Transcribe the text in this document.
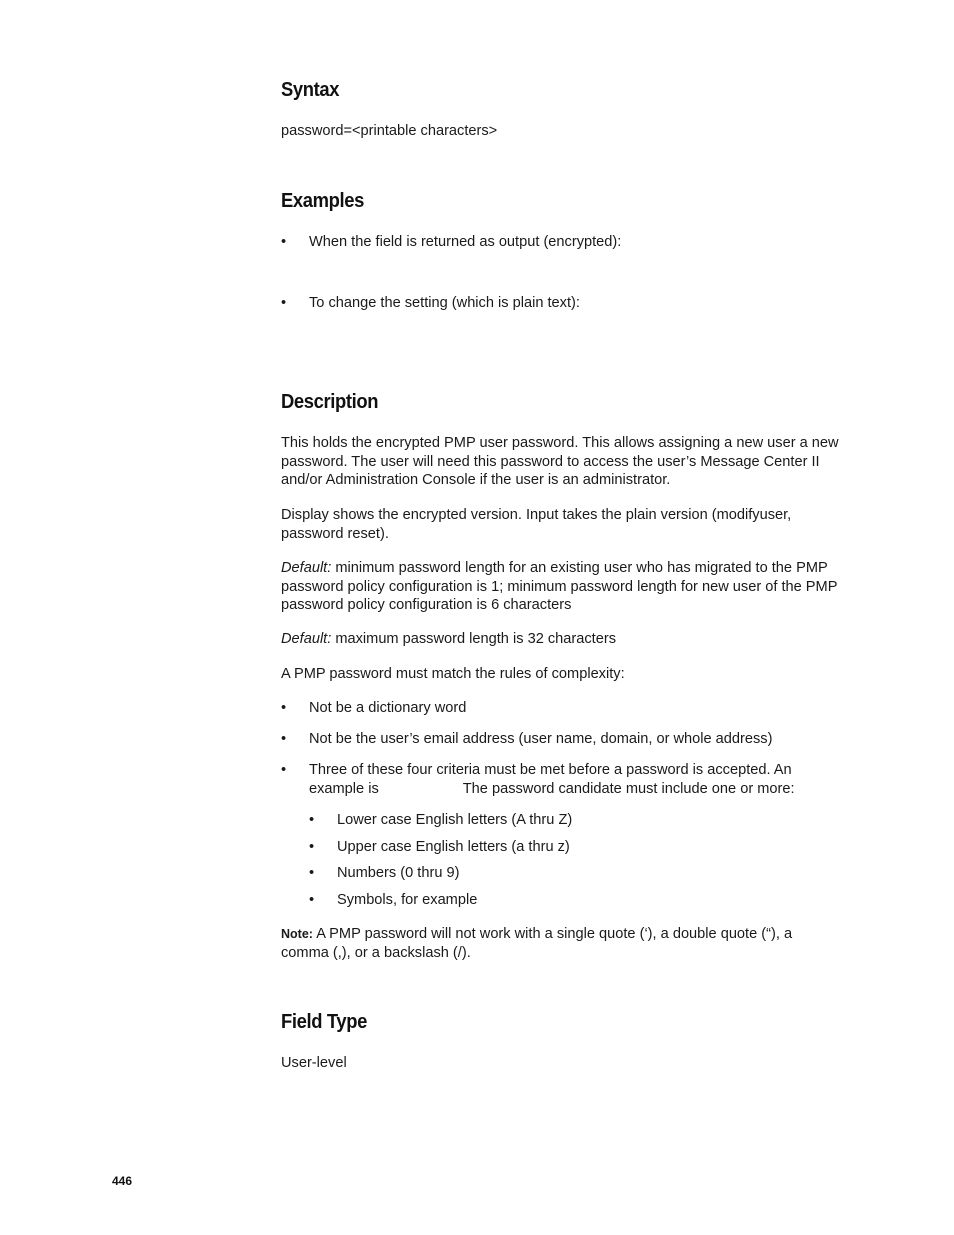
Syntax

password=<printable characters>

Examples
• When the field is returned as output (encrypted):
• To change the setting (which is plain text):
Description

This holds the encrypted PMP user password. This allows assigning a new user a new password. The user will need this password to access the user’s Message Center II and/or Administration Console if the user is an administrator.

Display shows the encrypted version. Input takes the plain version (modifyuser, password reset).

Default: minimum password length for an existing user who has migrated to the PMP password policy configuration is 1; minimum password length for new user of the PMP password policy configuration is 6 characters

Default: maximum password length is 32 characters

A PMP password must match the rules of complexity:

• Not be a dictionary word
• Not be the user’s email address (user name, domain, or whole address)
• Three of these four criteria must be met before a password is accepted. An example is	The password candidate must include one or more:
• Lower case English letters (A thru Z)
• Upper case English letters (a thru z)
• Numbers (0 thru 9)
• Symbols, for example

Note: A PMP password will not work with a single quote (‘), a double quote (“), a comma (,), or a backslash (/).

Field Type

User-level

446
